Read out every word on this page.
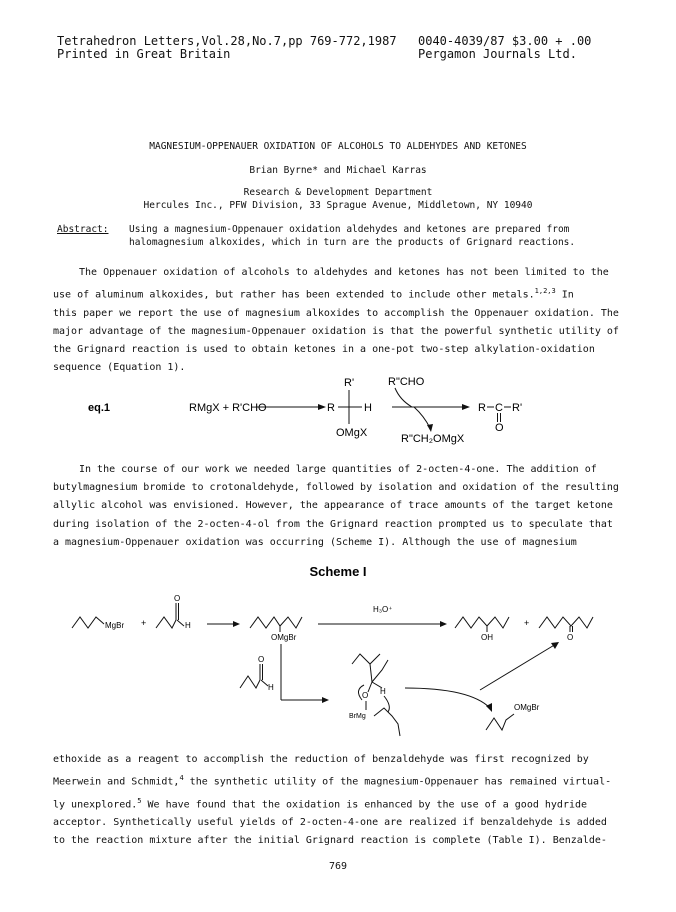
Tetrahedron Letters,Vol.28,No.7,pp 769-772,1987
Printed in Great Britain
0040-4039/87 $3.00 + .00
Pergamon Journals Ltd.
MAGNESIUM-OPPENAUER OXIDATION OF ALCOHOLS TO ALDEHYDES AND KETONES
Brian Byrne* and Michael Karras
Research & Development Department
Hercules Inc., PFW Division, 33 Sprague Avenue, Middletown, NY 10940
Abstract: Using a magnesium-Oppenauer oxidation aldehydes and ketones are prepared from
halomagnesium alkoxides, which in turn are the products of Grignard reactions.

The Oppenauer oxidation of alcohols to aldehydes and ketones has not been limited to the

use of aluminum alkoxides, but rather has been extended to include other metals.$^{1,2,3}$ In

this paper we report the use of magnesium alkoxides to accomplish the Oppenauer oxidation. The

major advantage of the magnesium-Oppenauer oxidation is that the powerful synthetic utility of

the Grignard reaction is used to obtain ketones in a one-pot two-step alkylation-oxidation

sequence (Equation 1).

eq.1	RMgX + R'CHO
R'
R	H
OMgX
R"CHO
R"CH₂OMgX
R C R'
O

In the course of our work we needed large quantities of 2-octen-4-one. The addition of

butylmagnesium bromide to crotonaldehyde, followed by isolation and oxidation of the resulting

allylic alcohol was envisioned. However, the appearance of trace amounts of the target ketone

during isolation of the 2-octen-4-ol from the Grignard reaction prompted us to speculate that

a magnesium-Oppenauer oxidation was occurring (Scheme I). Although the use of magnesium

Scheme I
MgBr +
O
H
OMgBr
H₃O⁺
OH
+
O
O
H
O H
BrMg
OMgBr

ethoxide as a reagent to accomplish the reduction of benzaldehyde was first recognized by

Meerwein and Schmidt,$^4$ the synthetic utility of the magnesium-Oppenauer has remained virtual-

ly unexplored.$^5$ We have found that the oxidation is enhanced by the use of a good hydride

acceptor. Synthetically useful yields of 2-octen-4-one are realized if benzaldehyde is added

to the reaction mixture after the initial Grignard reaction is complete (Table I). Benzalde-

769
